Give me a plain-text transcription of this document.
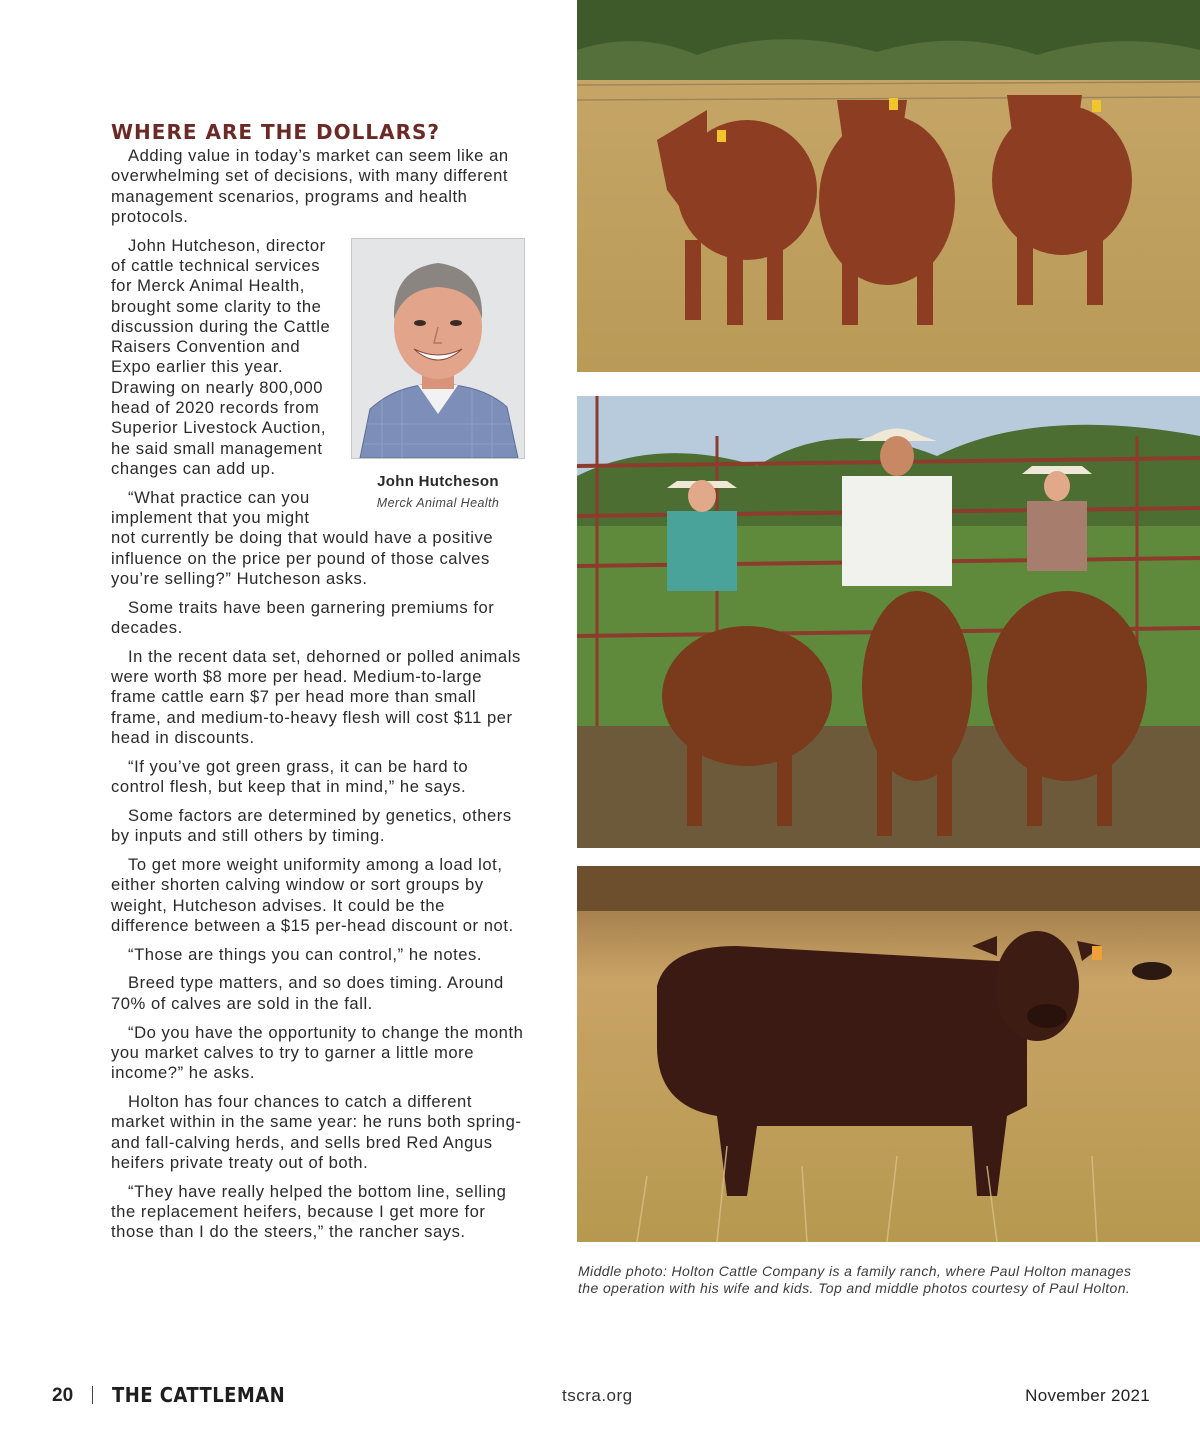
WHERE ARE THE DOLLARS?

Adding value in today’s market can seem like an overwhelming set of decisions, with many different management scenarios, programs and health protocols.

John Hutcheson
Merck Animal Health

John Hutcheson, director of cattle technical services for Merck Animal Health, brought some clarity to the discussion during the Cattle Raisers Convention and Expo earlier this year. Drawing on nearly 800,000 head of 2020 records from Superior Livestock Auction, he said small management changes can add up.

“What practice can you implement that you might not currently be doing that would have a positive influence on the price per pound of those calves you’re selling?” Hutcheson asks.

Some traits have been garnering premiums for decades.

In the recent data set, dehorned or polled animals were worth $8 more per head. Medium-to-large frame cattle earn $7 per head more than small frame, and medium-to-heavy flesh will cost $11 per head in discounts.

“If you’ve got green grass, it can be hard to control flesh, but keep that in mind,” he says.

Some factors are determined by genetics, others by inputs and still others by timing.

To get more weight uniformity among a load lot, either shorten calving window or sort groups by weight, Hutcheson advises. It could be the difference between a $15 per-head discount or not.

“Those are things you can control,” he notes.

Breed type matters, and so does timing. Around 70% of calves are sold in the fall.

“Do you have the opportunity to change the month you market calves to try to garner a little more income?” he asks.

Holton has four chances to catch a different market within in the same year: he runs both spring- and fall-calving herds, and sells bred Red Angus heifers private treaty out of both.

“They have really helped the bottom line, selling the replacement heifers, because I get more for those than I do the steers,” the rancher says.

Middle photo: Holton Cattle Company is a family ranch, where Paul Holton manages the operation with his wife and kids. Top and middle photos courtesy of Paul Holton.
20 THE CATTLEMAN	tscra.org	November 2021
